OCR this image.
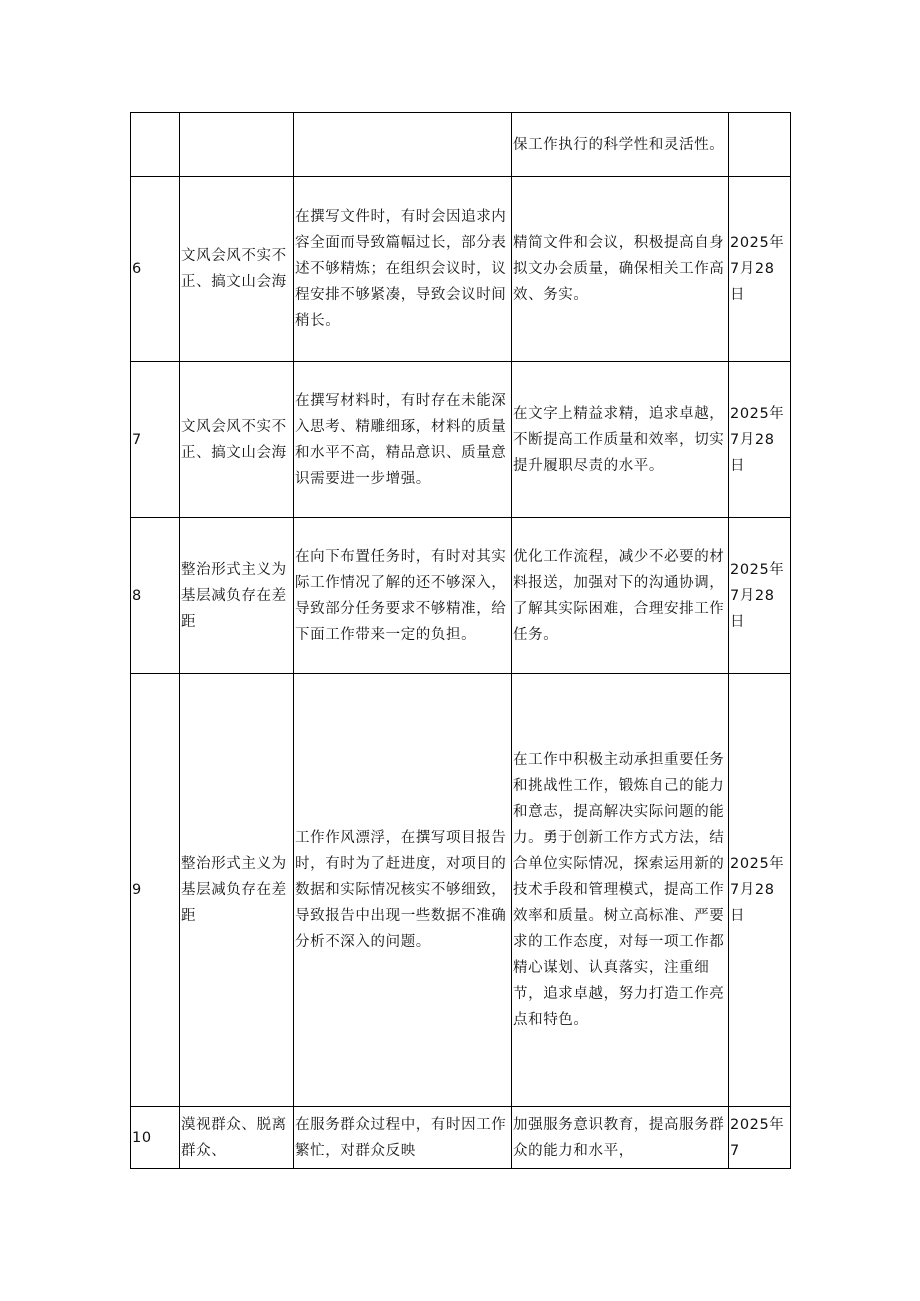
			保工作执行的科学性和灵活性。	
6	文风会风不实不正、搞文山会海	在撰写文件时，有时会因追求内容全面而导致篇幅过长，部分表述不够精炼；在组织会议时，议程安排不够紧凑，导致会议时间稍长。	精简文件和会议，积极提高自身拟文办会质量，确保相关工作高效、务实。	2025年7月28日
7	文风会风不实不正、搞文山会海	在撰写材料时，有时存在未能深入思考、精雕细琢，材料的质量和水平不高，精品意识、质量意识需要进一步增强。	在文字上精益求精，追求卓越，不断提高工作质量和效率，切实提升履职尽责的水平。	2025年7月28日
8	整治形式主义为基层减负存在差距	在向下布置任务时，有时对其实际工作情况了解的还不够深入，导致部分任务要求不够精准，给下面工作带来一定的负担。	优化工作流程，减少不必要的材料报送，加强对下的沟通协调，了解其实际困难，合理安排工作任务。	2025年7月28日
9	整治形式主义为基层减负存在差距	工作作风漂浮，在撰写项目报告时，有时为了赶进度，对项目的数据和实际情况核实不够细致，导致报告中出现一些数据不准确分析不深入的问题。	在工作中积极主动承担重要任务和挑战性工作，锻炼自己的能力和意志，提高解决实际问题的能力。勇于创新工作方式方法，结合单位实际情况，探索运用新的技术手段和管理模式，提高工作效率和质量。树立高标准、严要求的工作态度，对每一项工作都精心谋划、认真落实，注重细节，追求卓越，努力打造工作亮点和特色。	2025年7月28日
10	漠视群众、脱离群众、	在服务群众过程中，有时因工作繁忙，对群众反映	加强服务意识教育，提高服务群众的能力和水平，	2025年7
